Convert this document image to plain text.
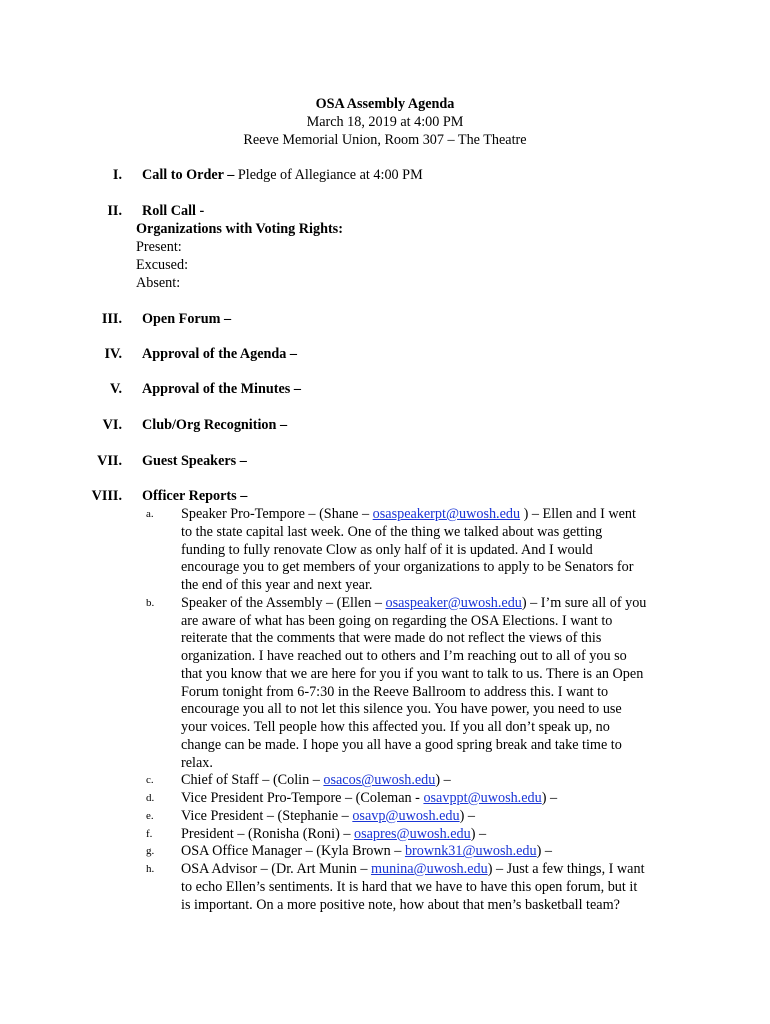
OSA Assembly Agenda
March 18, 2019 at 4:00 PM
Reeve Memorial Union, Room 307 – The Theatre
I. Call to Order – Pledge of Allegiance at 4:00 PM
II. Roll Call -
Organizations with Voting Rights:
Present:
Excused:
Absent:
III. Open Forum –
IV. Approval of the Agenda –
V. Approval of the Minutes –
VI. Club/Org Recognition –
VII. Guest Speakers –
VIII. Officer Reports –
a.	Speaker Pro-Tempore – (Shane – osaspeakerpt@uwosh.edu ) – Ellen and I went
to the state capital last week. One of the thing we talked about was getting
funding to fully renovate Clow as only half of it is updated. And I would
encourage you to get members of your organizations to apply to be Senators for
the end of this year and next year.
b.	Speaker of the Assembly – (Ellen – osaspeaker@uwosh.edu) – I’m sure all of you
are aware of what has been going on regarding the OSA Elections. I want to
reiterate that the comments that were made do not reflect the views of this
organization. I have reached out to others and I’m reaching out to all of you so
that you know that we are here for you if you want to talk to us. There is an Open
Forum tonight from 6-7:30 in the Reeve Ballroom to address this. I want to
encourage you all to not let this silence you. You have power, you need to use
your voices. Tell people how this affected you. If you all don’t speak up, no
change can be made. I hope you all have a good spring break and take time to
relax.
c.	Chief of Staff – (Colin – osacos@uwosh.edu) –
d.	Vice President Pro-Tempore – (Coleman - osavppt@uwosh.edu) –
e.	Vice President – (Stephanie – osavp@uwosh.edu) –
f.	President – (Ronisha (Roni) – osapres@uwosh.edu) –
g.	OSA Office Manager – (Kyla Brown – brownk31@uwosh.edu) –
h.	OSA Advisor – (Dr. Art Munin – munina@uwosh.edu) – Just a few things, I want
to echo Ellen’s sentiments. It is hard that we have to have this open forum, but it
is important. On a more positive note, how about that men’s basketball team?
